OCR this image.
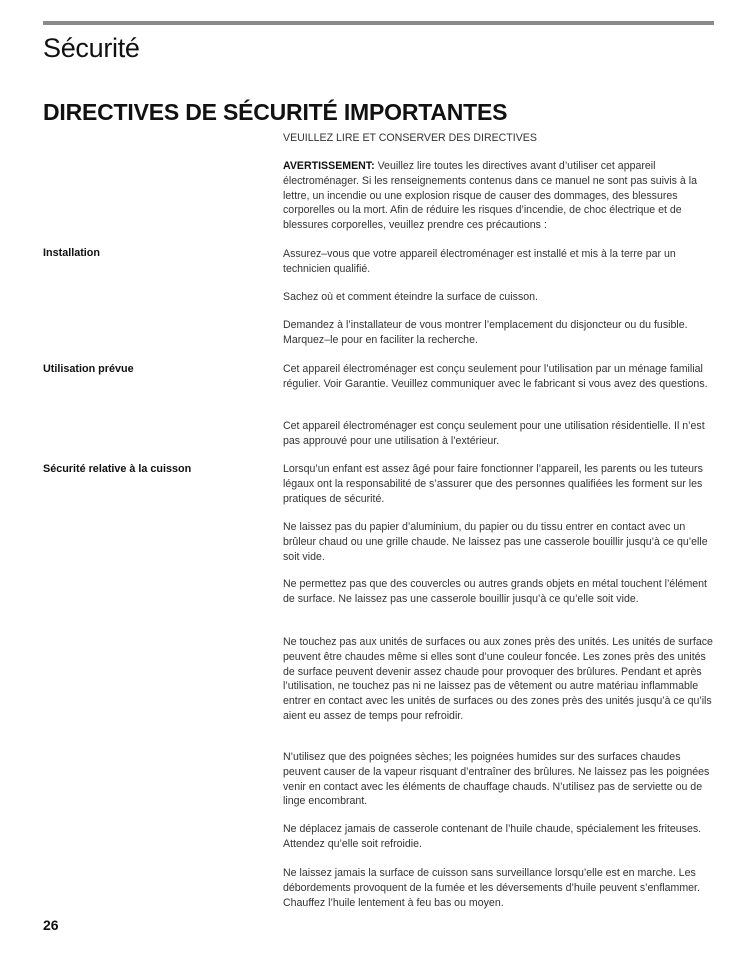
Sécurité
DIRECTIVES DE SÉCURITÉ IMPORTANTES
VEUILLEZ LIRE ET CONSERVER DES DIRECTIVES
AVERTISSEMENT: Veuillez lire toutes les directives avant d’utiliser cet appareil électroménager. Si les renseignements contenus dans ce manuel ne sont pas suivis à la lettre, un incendie ou une explosion risque de causer des dommages, des blessures corporelles ou la mort. Afin de réduire les risques d’incendie, de choc électrique et de blessures corporelles, veuillez prendre ces précautions :
Installation	Assurez–vous que votre appareil électroménager est installé et mis à la terre par un technicien qualifié.

Sachez où et comment éteindre la surface de cuisson.

Demandez à l’installateur de vous montrer l’emplacement du disjoncteur ou du fusible. Marquez–le pour en faciliter la recherche.

Utilisation prévue	Cet appareil électroménager est conçu seulement pour l’utilisation par un ménage familial régulier. Voir Garantie. Veuillez communiquer avec le fabricant si vous avez des questions.

Cet appareil électroménager est conçu seulement pour une utilisation résidentielle. Il n’est pas approuvé pour une utilisation à l’extérieur.

Sécurité relative à la cuisson	Lorsqu’un enfant est assez âgé pour faire fonctionner l’appareil, les parents ou les tuteurs légaux ont la responsabilité de s’assurer que des personnes qualifiées les forment sur les pratiques de sécurité.

Ne laissez pas du papier d’aluminium, du papier ou du tissu entrer en contact avec un brûleur chaud ou une grille chaude. Ne laissez pas une casserole bouillir jusqu’à ce qu’elle soit vide.

Ne permettez pas que des couvercles ou autres grands objets en métal touchent l’élément de surface. Ne laissez pas une casserole bouillir jusqu’à ce qu’elle soit vide.

Ne touchez pas aux unités de surfaces ou aux zones près des unités. Les unités de surface peuvent être chaudes même si elles sont d’une couleur foncée. Les zones près des unités de surface peuvent devenir assez chaude pour provoquer des brûlures. Pendant et après l’utilisation, ne touchez pas ni ne laissez pas de vêtement ou autre matériau inflammable entrer en contact avec les unités de surfaces ou des zones près des unités jusqu’à ce qu’ils aient eu assez de temps pour refroidir.

N’utilisez que des poignées sèches; les poignées humides sur des surfaces chaudes peuvent causer de la vapeur risquant d’entraîner des brûlures. Ne laissez pas les poignées venir en contact avec les éléments de chauffage chauds. N’utilisez pas de serviette ou de linge encombrant.

Ne déplacez jamais de casserole contenant de l’huile chaude, spécialement les friteuses. Attendez qu’elle soit refroidie.

Ne laissez jamais la surface de cuisson sans surveillance lorsqu’elle est en marche. Les débordements provoquent de la fumée et les déversements d’huile peuvent s’enflammer. Chauffez l’huile lentement à feu bas ou moyen.

26
